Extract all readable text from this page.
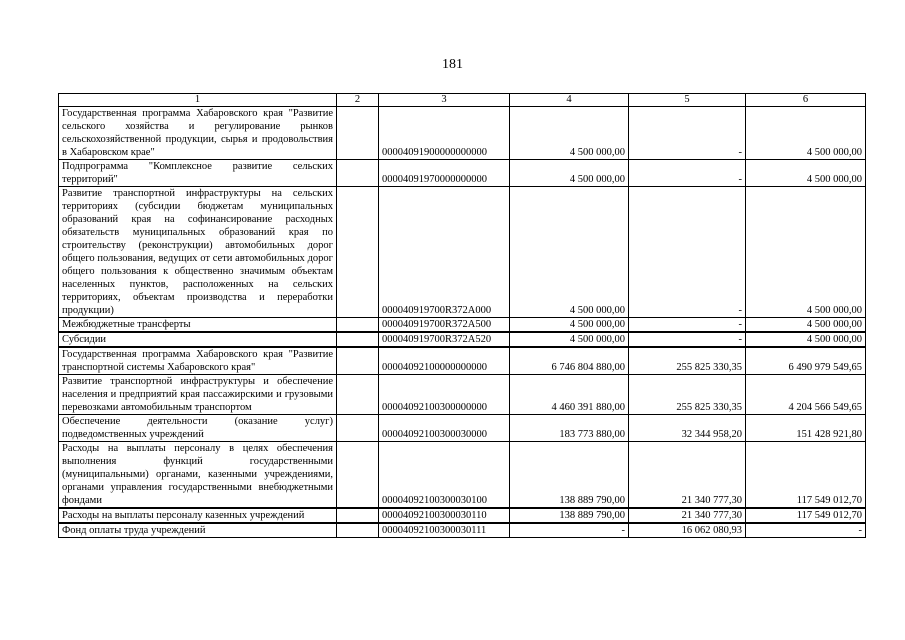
181
1	2	3	4	5	6
Государственная программа Хабаровского края "Развитие сельского хозяйства и регулирование рынков сельскохозяйственной продукции, сырья и продовольствия в Хабаровском крае"		00004091900000000000	4 500 000,00	-	4 500 000,00
Подпрограмма "Комплексное развитие сельских территорий"		00004091970000000000	4 500 000,00	-	4 500 000,00
Развитие транспортной инфраструктуры на сельских территориях (субсидии бюджетам муниципальных образований края на софинансирование расходных обязательств муниципальных образований края по строительству (реконструкции) автомобильных дорог общего пользования, ведущих от сети автомобильных дорог общего пользования к общественно значимым объектам населенных пунктов, расположенных на сельских территориях, объектам производства и переработки продукции)		000040919700R372A000	4 500 000,00	-	4 500 000,00
Межбюджетные трансферты		000040919700R372A500	4 500 000,00	-	4 500 000,00
Субсидии		000040919700R372A520	4 500 000,00	-	4 500 000,00
Государственная программа Хабаровского края "Развитие транспортной системы Хабаровского края"		00004092100000000000	6 746 804 880,00	255 825 330,35	6 490 979 549,65
Развитие транспортной инфраструктуры и обеспечение населения и предприятий края пассажирскими и грузовыми перевозками автомобильным транспортом		00004092100300000000	4 460 391 880,00	255 825 330,35	4 204 566 549,65
Обеспечение деятельности (оказание услуг) подведомственных учреждений		00004092100300030000	183 773 880,00	32 344 958,20	151 428 921,80
Расходы на выплаты персоналу в целях обеспечения выполнения функций государственными (муниципальными) органами, казенными учреждениями, органами управления государственными внебюджетными фондами		00004092100300030100	138 889 790,00	21 340 777,30	117 549 012,70
Расходы на выплаты персоналу казенных учреждений		00004092100300030110	138 889 790,00	21 340 777,30	117 549 012,70
Фонд оплаты труда учреждений		00004092100300030111	-	16 062 080,93	-
